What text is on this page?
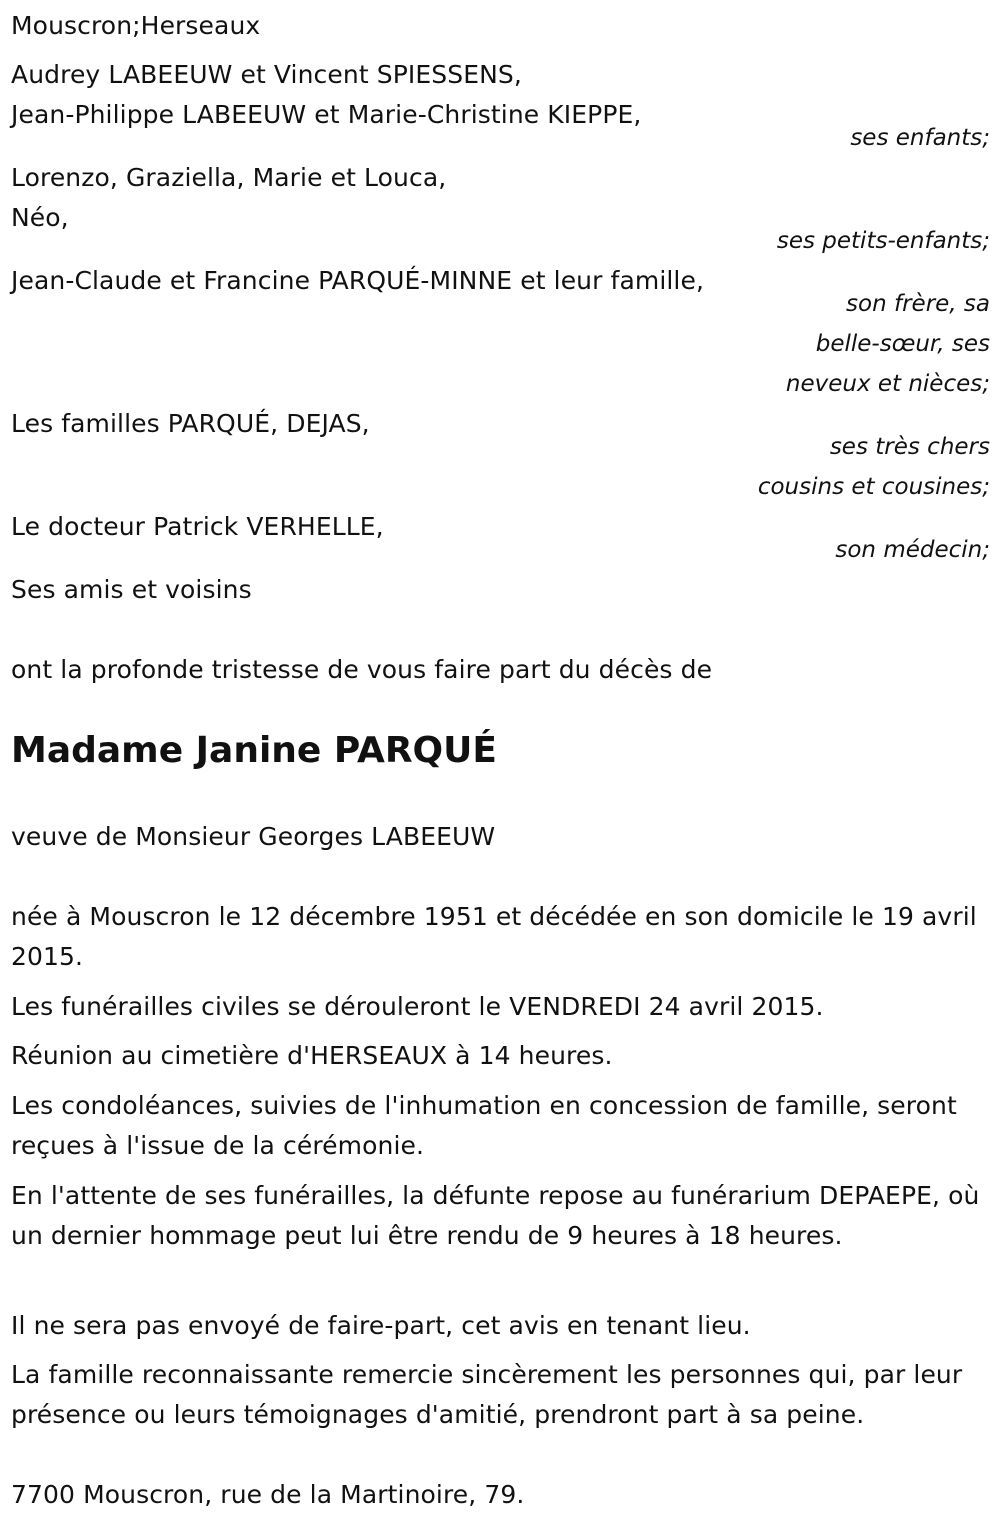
Mouscron;Herseaux
Audrey LABEEUW et Vincent SPIESSENS,
Jean-Philippe LABEEUW et Marie-Christine KIEPPE,
ses enfants;
Lorenzo, Graziella, Marie et Louca,
Néo,
ses petits-enfants;
Jean-Claude et Francine PARQUÉ-MINNE et leur famille,
son frère, sa
belle-sœur, ses
neveux et nièces;
Les familles PARQUÉ, DEJAS,
ses très chers
cousins et cousines;
Le docteur Patrick VERHELLE,
son médecin;
Ses amis et voisins
ont la profonde tristesse de vous faire part du décès de
Madame Janine PARQUÉ
veuve de Monsieur Georges LABEEUW
née à Mouscron le 12 décembre 1951 et décédée en son domicile le 19 avril 2015.
Les funérailles civiles se dérouleront le VENDREDI 24 avril 2015.
Réunion au cimetière d'HERSEAUX à 14 heures.
Les condoléances, suivies de l'inhumation en concession de famille, seront reçues à l'issue de la cérémonie.
En l'attente de ses funérailles, la défunte repose au funérarium DEPAEPE, où un dernier hommage peut lui être rendu de 9 heures à 18 heures.
Il ne sera pas envoyé de faire-part, cet avis en tenant lieu.
La famille reconnaissante remercie sincèrement les personnes qui, par leur présence ou leurs témoignages d'amitié, prendront part à sa peine.
7700 Mouscron, rue de la Martinoire, 79.
